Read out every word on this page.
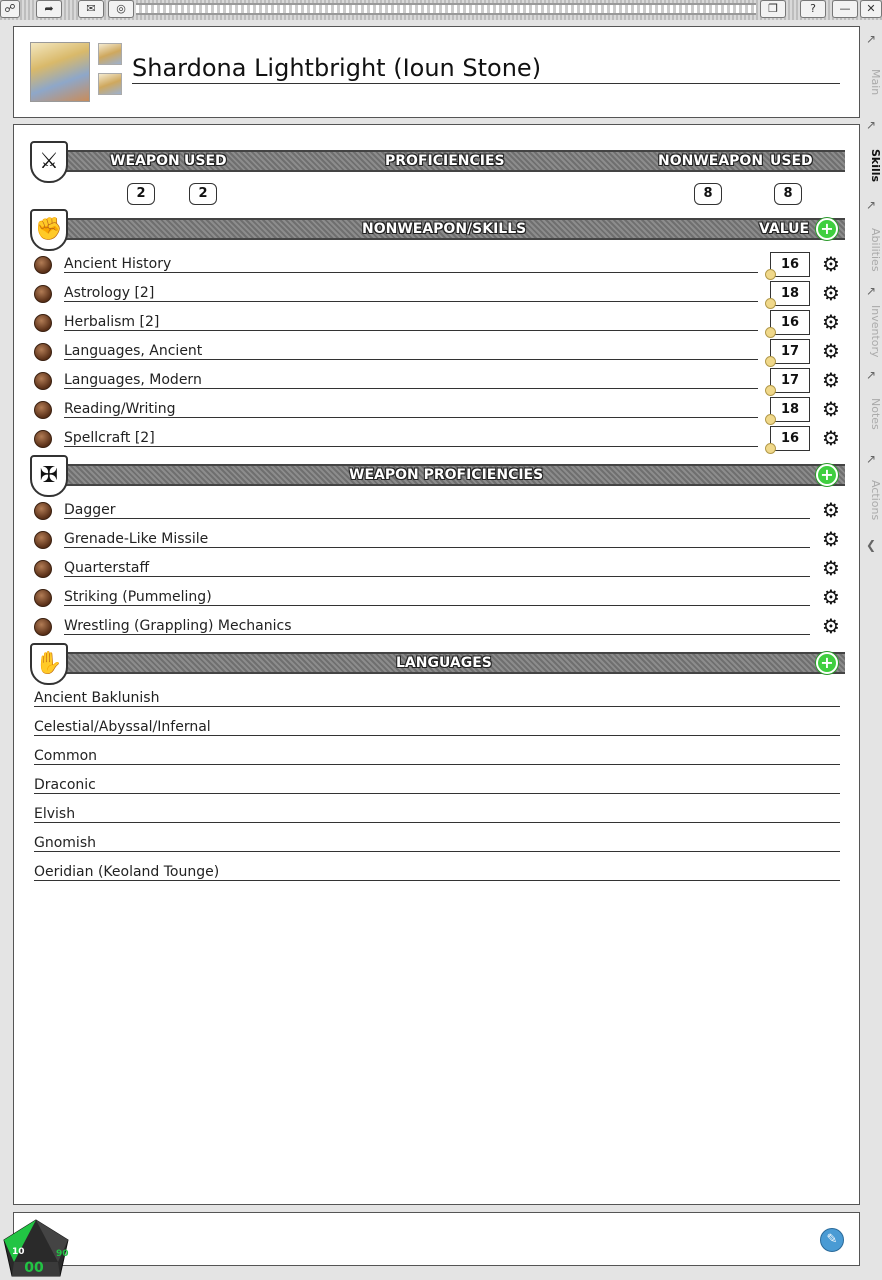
☍	➦	✉	◎	❐	?	—	✕
Shardona Lightbright (Ioun Stone)
↗
Main
↗
Skills
↗
Abilities
↗
Inventory
↗
Notes
↗
Actions
❮
⚔	WEAPON USED	PROFICIENCIES	NONWEAPON USED
2	2	8	8
✊	NONWEAPON/SKILLS	VALUE +
Ancient History	16	⚙
Astrology [2]	18	⚙
Herbalism [2]	16	⚙
Languages, Ancient	17	⚙
Languages, Modern	17	⚙
Reading/Writing	18	⚙
Spellcraft [2]	16	⚙
✠	WEAPON PROFICIENCIES	+
Dagger	⚙
Grenade-Like Missile	⚙
Quarterstaff	⚙
Striking (Pummeling)	⚙
Wrestling (Grappling) Mechanics	⚙
✋	LANGUAGES	+
Ancient Baklunish
Celestial/Abyssal/Infernal
Common
Draconic
Elvish
Gnomish
Oeridian (Keoland Tounge)
✎
00
10	90
